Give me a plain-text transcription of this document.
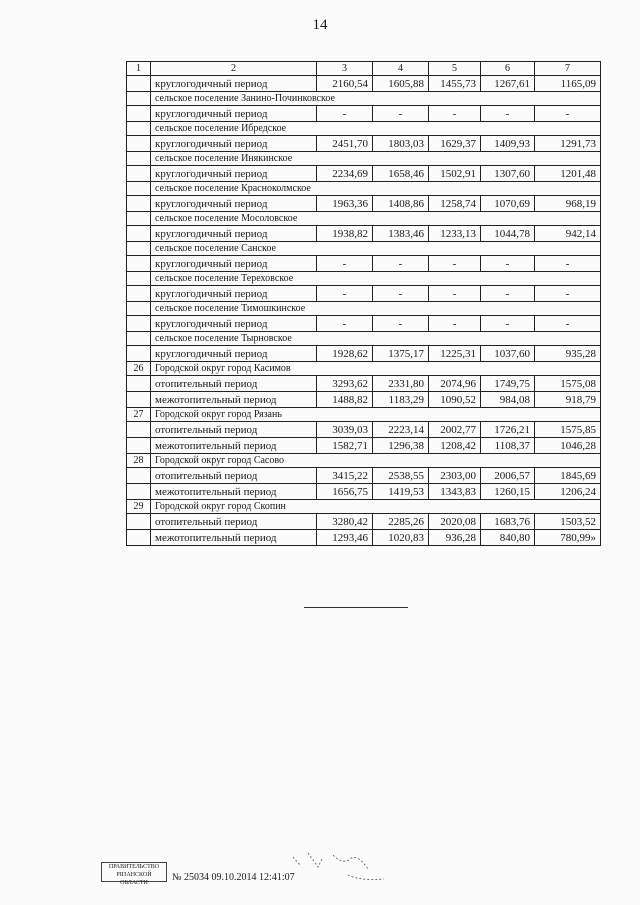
14
1	2	3	4	5	6	7
	круглогодичный период	2160,54	1605,88	1455,73	1267,61	1165,09
	сельское поселение Занино-Починковское					
	круглогодичный период	-	-	-	-	-
	сельское поселение Ибредское					
	круглогодичный период	2451,70	1803,03	1629,37	1409,93	1291,73
	сельское поселение Инякинское					
	круглогодичный период	2234,69	1658,46	1502,91	1307,60	1201,48
	сельское поселение Красноколмское					
	круглогодичный период	1963,36	1408,86	1258,74	1070,69	968,19
	сельское поселение Мосоловское					
	круглогодичный период	1938,82	1383,46	1233,13	1044,78	942,14
	сельское поселение Санское					
	круглогодичный период	-	-	-	-	-
	сельское поселение Тереховское					
	круглогодичный период	-	-	-	-	-
	сельское поселение Тимошкинское					
	круглогодичный период	-	-	-	-	-
	сельское поселение Тырновское					
	круглогодичный период	1928,62	1375,17	1225,31	1037,60	935,28
26	Городской округ город Касимов					
	отопительный период	3293,62	2331,80	2074,96	1749,75	1575,08
	межотопительный период	1488,82	1183,29	1090,52	984,08	918,79
27	Городской округ город Рязань					
	отопительный период	3039,03	2223,14	2002,77	1726,21	1575,85
	межотопительный период	1582,71	1296,38	1208,42	1108,37	1046,28
28	Городской округ город Сасово					
	отопительный период	3415,22	2538,55	2303,00	2006,57	1845,69
	межотопительный период	1656,75	1419,53	1343,83	1260,15	1206,24
29	Городской округ город Скопин					
	отопительный период	3280,42	2285,26	2020,08	1683,76	1503,52
	межотопительный период	1293,46	1020,83	936,28	840,80	780,99»
ПРАВИТЕЛЬСТВО РЯЗАНСКОЙ ОБЛАСТИ	№ 25034 09.10.2014 12:41:07
